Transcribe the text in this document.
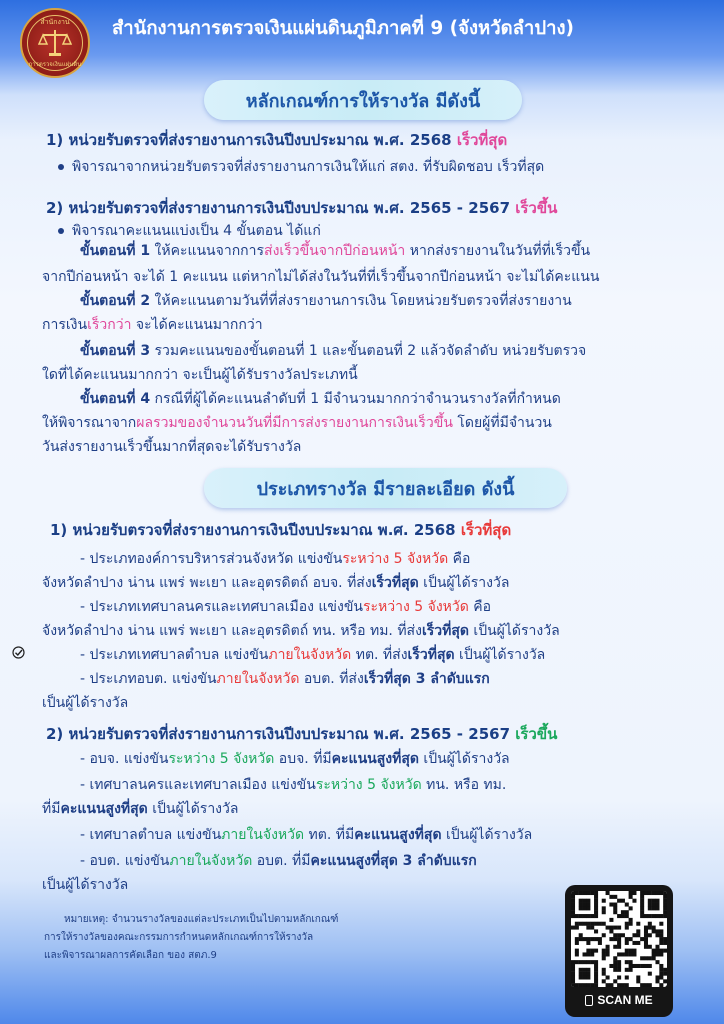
สำนักงาน
การตรวจเงินแผ่นดิน
สำนักงานการตรวจเงินแผ่นดินภูมิภาคที่ 9 (จังหวัดลำปาง)
หลักเกณฑ์การให้รางวัล มีดังนี้
1) หน่วยรับตรวจที่ส่งรายงานการเงินปีงบประมาณ พ.ศ. 2568 เร็วที่สุด
พิจารณาจากหน่วยรับตรวจที่ส่งรายงานการเงินให้แก่ สตง. ที่รับผิดชอบ เร็วที่สุด
2) หน่วยรับตรวจที่ส่งรายงานการเงินปีงบประมาณ พ.ศ. 2565 - 2567 เร็วขึ้น
พิจารณาคะแนนแบ่งเป็น 4 ขั้นตอน ได้แก่
ขั้นตอนที่ 1 ให้คะแนนจากการส่งเร็วขึ้นจากปีก่อนหน้า หากส่งรายงานในวันที่ที่เร็วขึ้น
จากปีก่อนหน้า จะได้ 1 คะแนน แต่หากไม่ได้ส่งในวันที่ที่เร็วขึ้นจากปีก่อนหน้า จะไม่ได้คะแนน
ขั้นตอนที่ 2 ให้คะแนนตามวันที่ที่ส่งรายงานการเงิน โดยหน่วยรับตรวจที่ส่งรายงาน
การเงินเร็วกว่า จะได้คะแนนมากกว่า
ขั้นตอนที่ 3 รวมคะแนนของขั้นตอนที่ 1 และขั้นตอนที่ 2 แล้วจัดลำดับ หน่วยรับตรวจ
ใดที่ได้คะแนนมากกว่า จะเป็นผู้ได้รับรางวัลประเภทนี้
ขั้นตอนที่ 4 กรณีที่ผู้ได้คะแนนลำดับที่ 1 มีจำนวนมากกว่าจำนวนรางวัลที่กำหนด
ให้พิจารณาจากผลรวมของจำนวนวันที่มีการส่งรายงานการเงินเร็วขึ้น โดยผู้ที่มีจำนวน
วันส่งรายงานเร็วขึ้นมากที่สุดจะได้รับรางวัล
ประเภทรางวัล มีรายละเอียด ดังนี้
1) หน่วยรับตรวจที่ส่งรายงานการเงินปีงบประมาณ พ.ศ. 2568 เร็วที่สุด
- ประเภทองค์การบริหารส่วนจังหวัด แข่งขันระหว่าง 5 จังหวัด คือ
จังหวัดลำปาง น่าน แพร่ พะเยา และอุตรดิตถ์ อบจ. ที่ส่งเร็วที่สุด เป็นผู้ได้รางวัล
- ประเภทเทศบาลนครและเทศบาลเมือง แข่งขันระหว่าง 5 จังหวัด คือ
จังหวัดลำปาง น่าน แพร่ พะเยา และอุตรดิตถ์ ทน. หรือ ทม. ที่ส่งเร็วที่สุด เป็นผู้ได้รางวัล
- ประเภทเทศบาลตำบล แข่งขันภายในจังหวัด ทต. ที่ส่งเร็วที่สุด เป็นผู้ได้รางวัล
- ประเภทอบต. แข่งขันภายในจังหวัด อบต. ที่ส่งเร็วที่สุด 3 ลำดับแรก
เป็นผู้ได้รางวัล
2) หน่วยรับตรวจที่ส่งรายงานการเงินปีงบประมาณ พ.ศ. 2565 - 2567 เร็วขึ้น
- อบจ. แข่งขันระหว่าง 5 จังหวัด อบจ. ที่มีคะแนนสูงที่สุด เป็นผู้ได้รางวัล
- เทศบาลนครและเทศบาลเมือง แข่งขันระหว่าง 5 จังหวัด ทน. หรือ ทม.
ที่มีคะแนนสูงที่สุด เป็นผู้ได้รางวัล
- เทศบาลตำบล แข่งขันภายในจังหวัด ทต. ที่มีคะแนนสูงที่สุด เป็นผู้ได้รางวัล
- อบต. แข่งขันภายในจังหวัด อบต. ที่มีคะแนนสูงที่สุด 3 ลำดับแรก
เป็นผู้ได้รางวัล
หมายเหตุ: จำนวนรางวัลของแต่ละประเภทเป็นไปตามหลักเกณฑ์
การให้รางวัลของคณะกรรมการกำหนดหลักเกณฑ์การให้รางวัล
และพิจารณาผลการคัดเลือก ของ สตภ.9
SCAN ME
